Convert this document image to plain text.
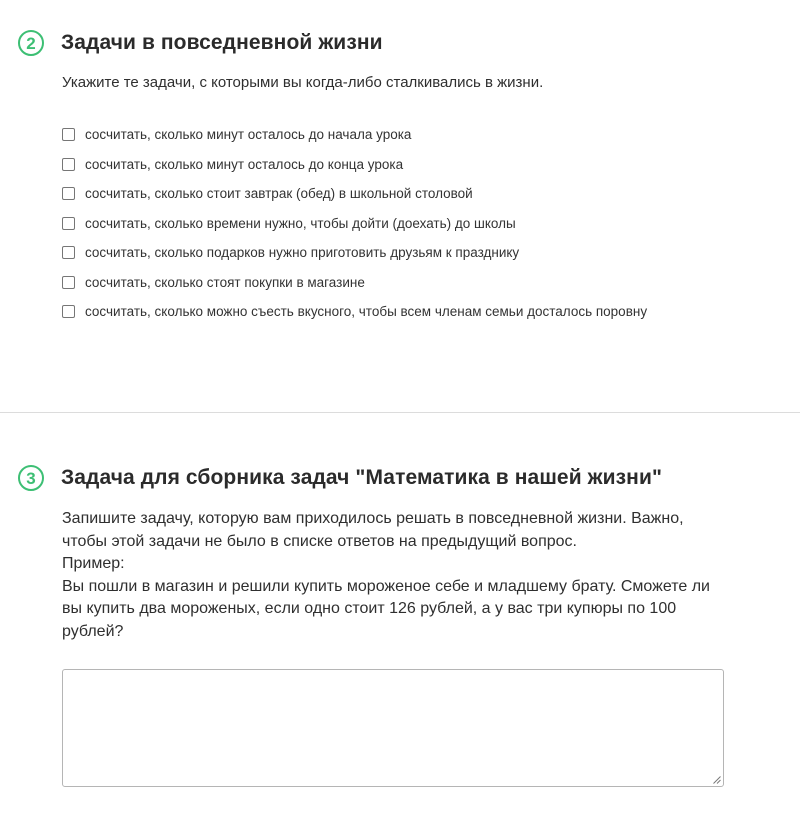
2	Задачи в повседневной жизни
Укажите те задачи, с которыми вы когда-либо сталкивались в жизни.
сосчитать, сколько минут осталось до начала урока
сосчитать, сколько минут осталось до конца урока
сосчитать, сколько стоит завтрак (обед) в школьной столовой
сосчитать, сколько времени нужно, чтобы дойти (доехать) до школы
сосчитать, сколько подарков нужно приготовить друзьям к празднику
сосчитать, сколько стоят покупки в магазине
сосчитать, сколько можно съесть вкусного, чтобы всем членам семьи досталось поровну
3	Задача для сборника задач "Математика в нашей жизни"

Запишите задачу, которую вам приходилось решать в повседневной жизни. Важно,

чтобы этой задачи не было в списке ответов на предыдущий вопрос.

Пример:

Вы пошли в магазин и решили купить мороженое себе и младшему брату. Сможете ли

вы купить два мороженых, если одно стоит 126 рублей, а у вас три купюры по 100

рублей?
